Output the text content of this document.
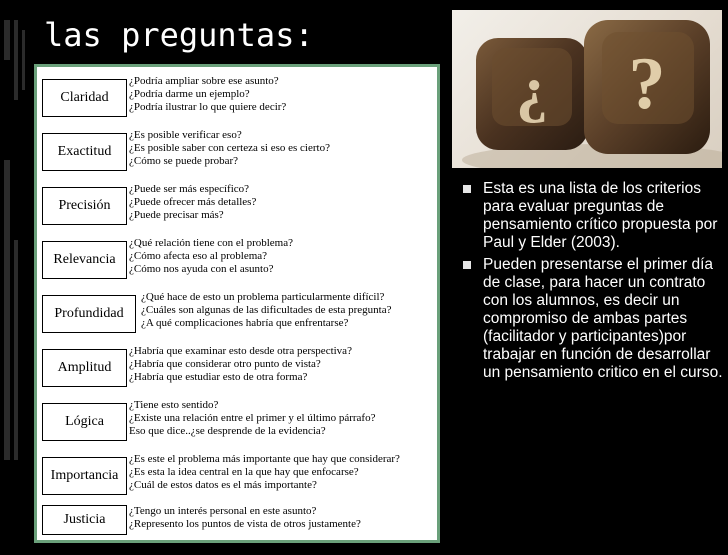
las preguntas:
Claridad
¿Podría ampliar sobre ese asunto?
¿Podría darme un ejemplo?
¿Podría ilustrar lo que quiere decir?
Exactitud
¿Es posible verificar eso?
¿Es posible saber con certeza si eso es cierto?
¿Cómo se puede probar?
Precisión
¿Puede ser más específico?
¿Puede ofrecer más detalles?
¿Puede precisar más?
Relevancia
¿Qué relación tiene con el problema?
¿Cómo afecta eso al problema?
¿Cómo nos ayuda con el asunto?
Profundidad
¿Qué hace de esto un problema particularmente difícil?
¿Cuáles son algunas de las dificultades de esta pregunta?
¿A qué complicaciones habría que enfrentarse?
Amplitud
¿Habría que examinar esto desde otra perspectiva?
¿Habría que considerar otro punto de vista?
¿Habría que estudiar esto de otra forma?
Lógica
¿Tiene esto sentido?
¿Existe una relación entre el primer y el último párrafo?
Eso que dice..¿se desprende de la evidencia?
Importancia
¿Es este el problema más importante que hay que considerar?
¿Es esta la idea central en la que hay que enfocarse?
¿Cuál de estos datos es el más importante?
Justicia
¿Tengo un interés personal en este asunto?
¿Represento los puntos de vista de otros justamente?
¿ ?
Esta es una lista de los criterios para evaluar preguntas de pensamiento crítico propuesta por Paul y Elder (2003).
Pueden presentarse el primer día de clase, para hacer un contrato con los alumnos, es decir un compromiso de ambas partes (facilitador y participantes)por trabajar en función de desarrollar un pensamiento critico en el curso.
